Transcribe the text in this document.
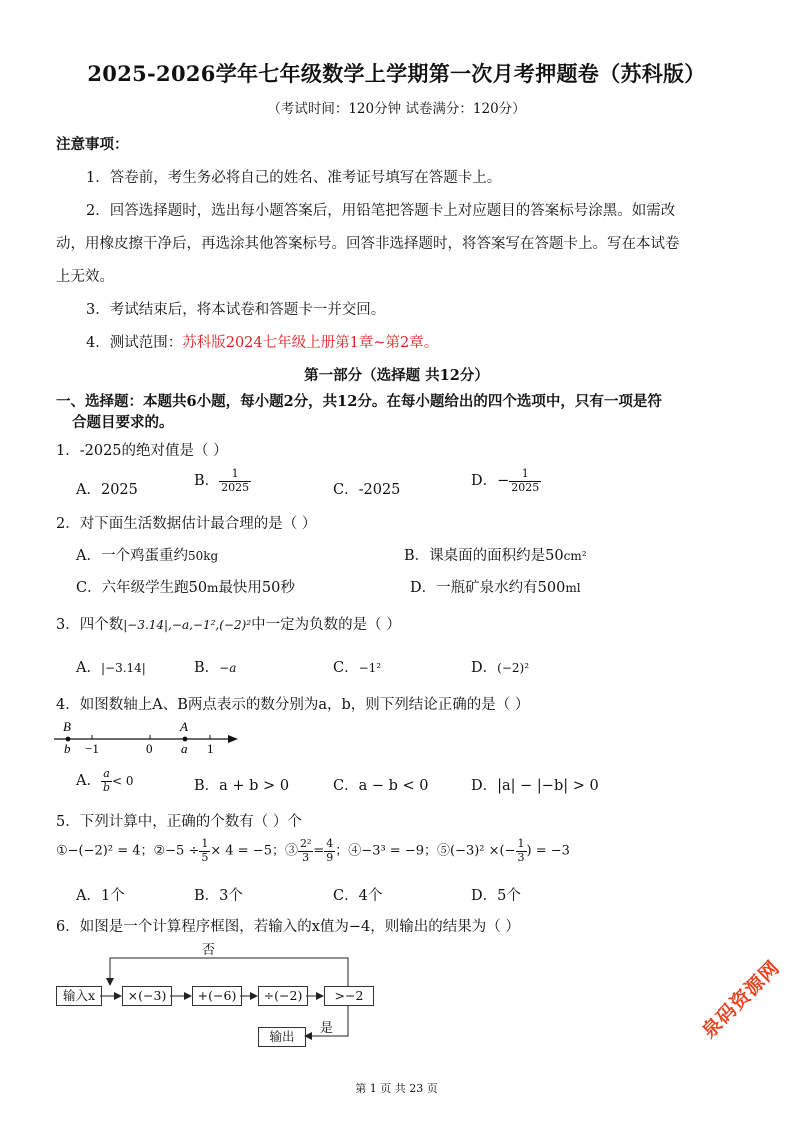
2025-2026学年七年级数学上学期第一次月考押题卷（苏科版）
（考试时间：120分钟 试卷满分：120分）
注意事项：
1．答卷前，考生务必将自己的姓名、准考证号填写在答题卡上。
2．回答选择题时，选出每小题答案后，用铅笔把答题卡上对应题目的答案标号涂黑。如需改
动，用橡皮擦干净后，再选涂其他答案标号。回答非选择题时，将答案写在答题卡上。写在本试卷
上无效。
3．考试结束后，将本试卷和答题卡一并交回。
4．测试范围：苏科版2024七年级上册第1章~第2章。
第一部分（选择题 共12分）
一、选择题：本题共6小题，每小题2分，共12分。在每小题给出的四个选项中，只有一项是符
合题目要求的。
1．-2025的绝对值是（ ）
A．2025
B． $\frac{1}{2025}$	C．-2025
D．− $\frac{1}{2025}$
2．对下面生活数据估计最合理的是（ ）
A．一个鸡蛋重约50kg	B．课桌面的面积约是50cm²
C．六年级学生跑50m最快用50秒	D．一瓶矿泉水约有500ml
3．四个数|−3.14|,−a,−1²,(−2)²中一定为负数的是（ ）
A．|−3.14|	B．−a	C．−1²	D．(−2)²
4．如图数轴上A、B两点表示的数分别为a，b，则下列结论正确的是（ ）
B	A
b −1	0 a 1
A． $\frac{a}{b} < 0$	B．a + b > 0	C．a − b < 0	D．|a| − |−b| > 0
5．下列计算中，正确的个数有（ ）个
①−(−2)² = 4；②−5 ÷ $\frac{1}{5} \times 4 = -5$；③ $\frac{\text{2²}}{3} = \frac{4}{9}$ ；④−3³ = −9；⑤(−3)² ×(− $\frac{1}{3}$ ) = −3
A．1个	B．3个	C．4个	D．5个
6．如图是一个计算程序框图，若输入的x值为−4，则输出的结果为（ ）
否
是
输入x	×(−3)	+(−6)	÷(−2)	>−2
输出	泉码资源网
第 1 页 共 23 页
